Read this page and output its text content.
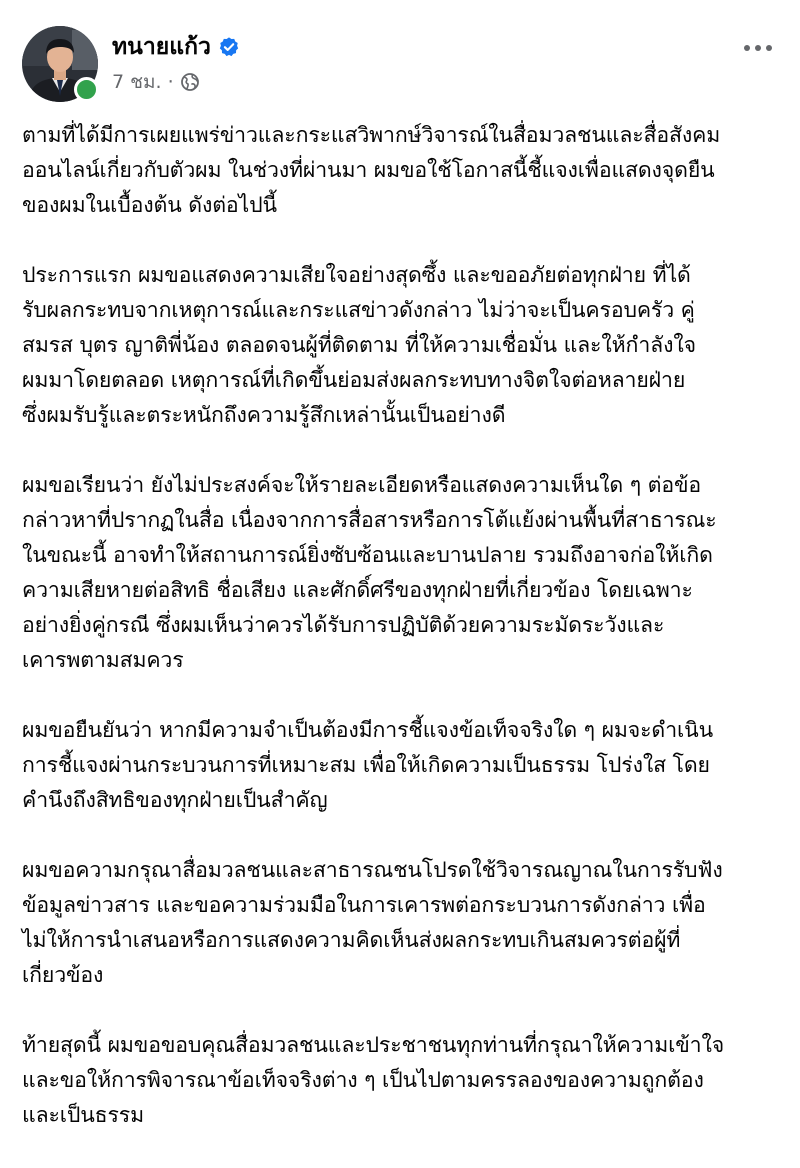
ทนายแก้ว
7 ชม. ·
ตามที่ได้มีการเผยแพร่ข่าวและกระแสวิพากษ์วิจารณ์ในสื่อมวลชนและสื่อสังคม
ออนไลน์เกี่ยวกับตัวผม ในช่วงที่ผ่านมา ผมขอใช้โอกาสนี้ชี้แจงเพื่อแสดงจุดยืน
ของผมในเบื้องต้น ดังต่อไปนี้
ประการแรก ผมขอแสดงความเสียใจอย่างสุดซึ้ง และขออภัยต่อทุกฝ่าย ที่ได้
รับผลกระทบจากเหตุการณ์และกระแสข่าวดังกล่าว ไม่ว่าจะเป็นครอบครัว คู่
สมรส บุตร ญาติพี่น้อง ตลอดจนผู้ที่ติดตาม ที่ให้ความเชื่อมั่น และให้กำลังใจ
ผมมาโดยตลอด เหตุการณ์ที่เกิดขึ้นย่อมส่งผลกระทบทางจิตใจต่อหลายฝ่าย
ซึ่งผมรับรู้และตระหนักถึงความรู้สึกเหล่านั้นเป็นอย่างดี
ผมขอเรียนว่า ยังไม่ประสงค์จะให้รายละเอียดหรือแสดงความเห็นใด ๆ ต่อข้อ
กล่าวหาที่ปรากฏในสื่อ เนื่องจากการสื่อสารหรือการโต้แย้งผ่านพื้นที่สาธารณะ
ในขณะนี้ อาจทำให้สถานการณ์ยิ่งซับซ้อนและบานปลาย รวมถึงอาจก่อให้เกิด
ความเสียหายต่อสิทธิ ชื่อเสียง และศักดิ์ศรีของทุกฝ่ายที่เกี่ยวข้อง โดยเฉพาะ
อย่างยิ่งคู่กรณี ซึ่งผมเห็นว่าควรได้รับการปฏิบัติด้วยความระมัดระวังและ
เคารพตามสมควร
ผมขอยืนยันว่า หากมีความจำเป็นต้องมีการชี้แจงข้อเท็จจริงใด ๆ ผมจะดำเนิน
การชี้แจงผ่านกระบวนการที่เหมาะสม เพื่อให้เกิดความเป็นธรรม โปร่งใส โดย
คำนึงถึงสิทธิของทุกฝ่ายเป็นสำคัญ
ผมขอความกรุณาสื่อมวลชนและสาธารณชนโปรดใช้วิจารณญาณในการรับฟัง
ข้อมูลข่าวสาร และขอความร่วมมือในการเคารพต่อกระบวนการดังกล่าว เพื่อ
ไม่ให้การนำเสนอหรือการแสดงความคิดเห็นส่งผลกระทบเกินสมควรต่อผู้ที่
เกี่ยวข้อง
ท้ายสุดนี้ ผมขอขอบคุณสื่อมวลชนและประชาชนทุกท่านที่กรุณาให้ความเข้าใจ
และขอให้การพิจารณาข้อเท็จจริงต่าง ๆ เป็นไปตามครรลองของความถูกต้อง
และเป็นธรรม
